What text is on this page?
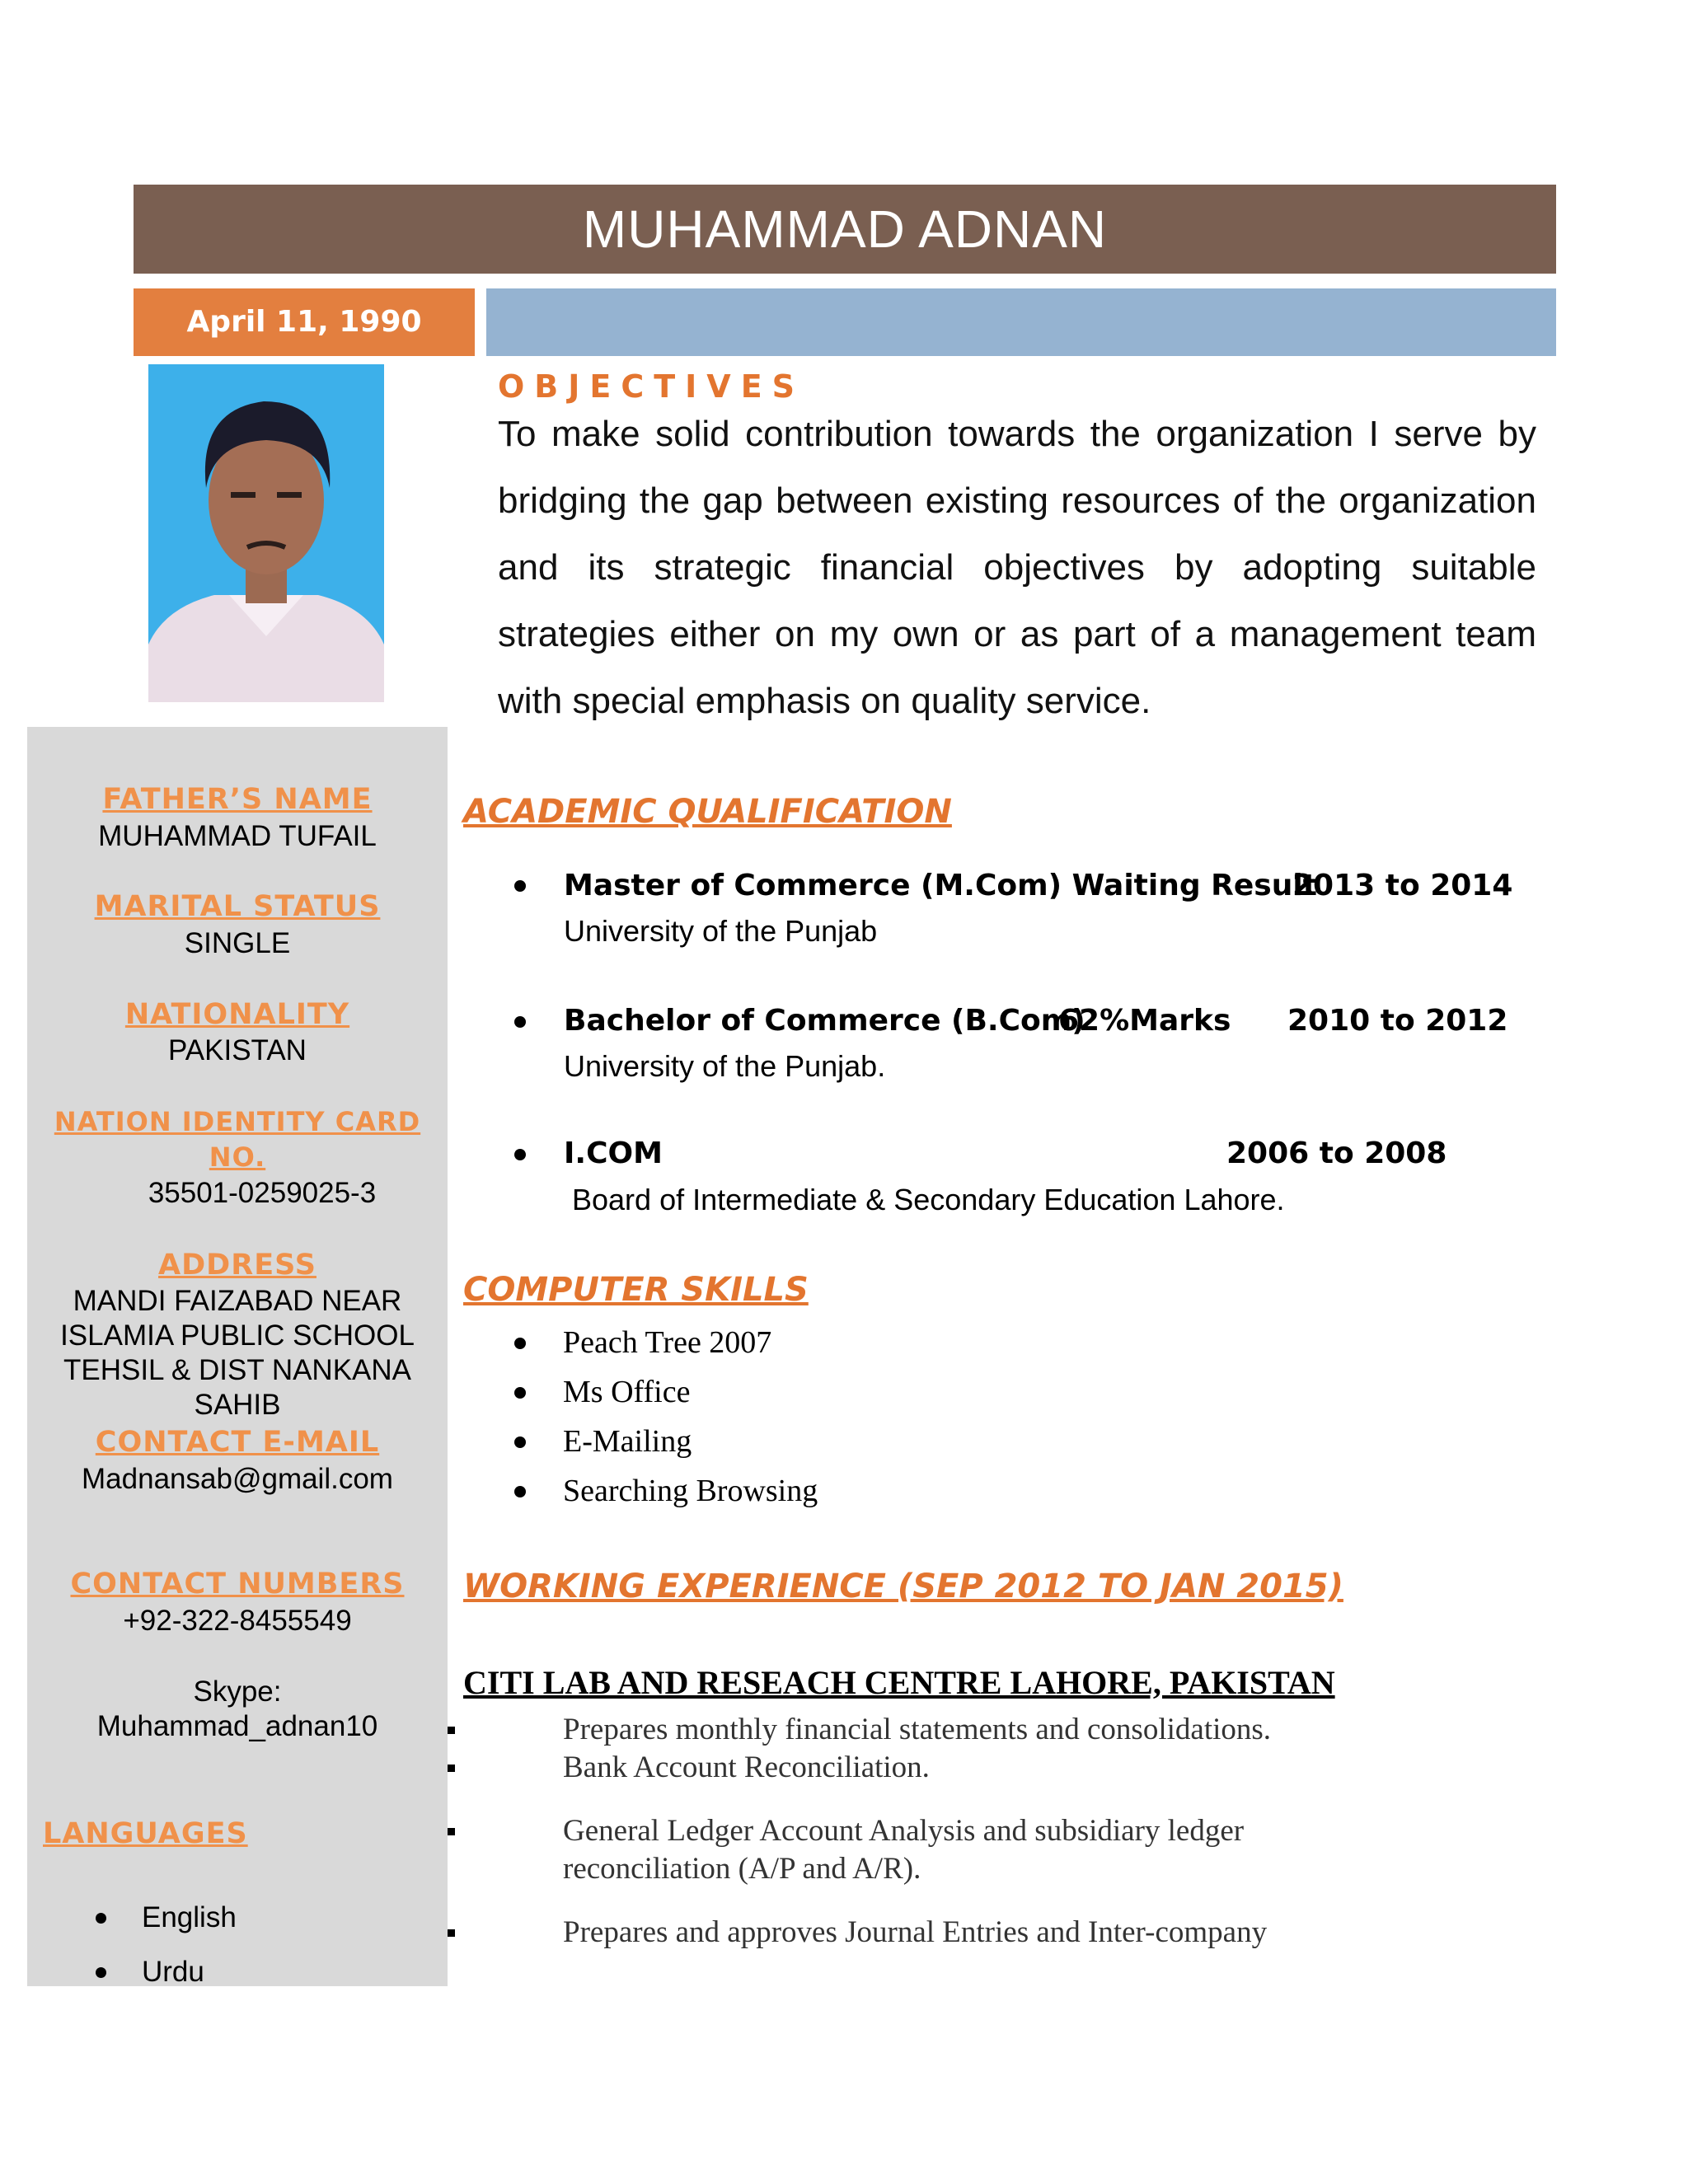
MUHAMMAD ADNAN
April 11, 1990
OBJECTIVES
To make solid contribution towards the organization I serve by bridging the gap between existing resources of the organization and its strategic financial objectives by adopting suitable strategies either on my own or as part of a management team with special emphasis on quality service.
FATHER’S NAME
MUHAMMAD TUFAIL
MARITAL STATUS
SINGLE
NATIONALITY
PAKISTAN
NATION IDENTITY CARD
NO.
35501-0259025-3
ADDRESS
MANDI FAIZABAD NEAR
ISLAMIA PUBLIC SCHOOL
TEHSIL & DIST NANKANA
SAHIB
CONTACT E-MAIL
Madnansab@gmail.com
CONTACT NUMBERS
+92-322-8455549
Skype:
Muhammad_adnan10
LANGUAGES
English
Urdu
ACADEMIC QUALIFICATION
Master of Commerce (M.Com) Waiting Result
2013 to 2014
University of the Punjab
Bachelor of Commerce (B.Com)
62%Marks 2010 to 2012
University of the Punjab.
I.COM	2006 to 2008
Board of Intermediate & Secondary Education Lahore.
COMPUTER SKILLS
Peach Tree 2007
Ms Office
E-Mailing
Searching Browsing
WORKING EXPERIENCE (SEP 2012 TO JAN 2015)
CITI LAB AND RESEACH CENTRE LAHORE, PAKISTAN
Prepares monthly financial statements and consolidations.
Bank Account Reconciliation.
General Ledger Account Analysis and subsidiary ledger reconciliation (A/P and A/R).
Prepares and approves Journal Entries and Inter-company
